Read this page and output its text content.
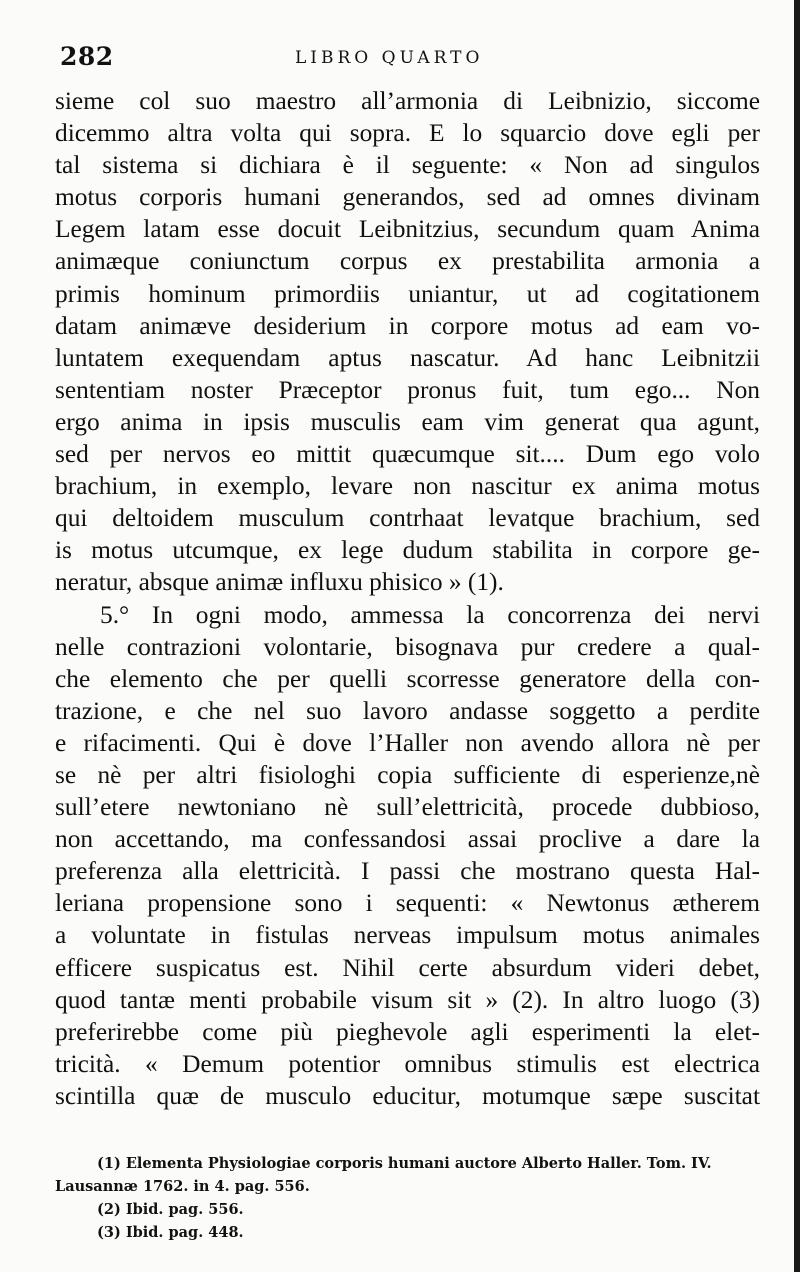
282	LIBRO QUARTO

sieme col suo maestro all’armonia di Leibnizio, siccome
dicemmo altra volta qui sopra. E lo squarcio dove egli per
tal sistema si dichiara è il seguente: « Non ad singulos
motus corporis humani generandos, sed ad omnes divinam
Legem latam esse docuit Leibnitzius, secundum quam Anima
animæque coniunctum corpus ex prestabilita armonia a
primis hominum primordiis uniantur, ut ad cogitationem
datam animæve desiderium in corpore motus ad eam vo-
luntatem exequendam aptus nascatur. Ad hanc Leibnitzii
sententiam noster Præceptor pronus fuit, tum ego... Non
ergo anima in ipsis musculis eam vim generat qua agunt,
sed per nervos eo mittit quæcumque sit.... Dum ego volo
brachium, in exemplo, levare non nascitur ex anima motus
qui deltoidem musculum contrhaat levatque brachium, sed
is motus utcumque, ex lege dudum stabilita in corpore ge-
neratur, absque animæ influxu phisico » (1).

5.° In ogni modo, ammessa la concorrenza dei nervi
nelle contrazioni volontarie, bisognava pur credere a qual-
che elemento che per quelli scorresse generatore della con-
trazione, e che nel suo lavoro andasse soggetto a perdite
e rifacimenti. Qui è dove l’Haller non avendo allora nè per
se nè per altri fisiologhi copia sufficiente di esperienze,nè
sull’etere newtoniano nè sull’elettricità, procede dubbioso,
non accettando, ma confessandosi assai proclive a dare la
preferenza alla elettricità. I passi che mostrano questa Hal-
leriana propensione sono i sequenti: « Newtonus ætherem
a voluntate in fistulas nerveas impulsum motus animales
efficere suspicatus est. Nihil certe absurdum videri debet,
quod tantæ menti probabile visum sit » (2). In altro luogo (3)
preferirebbe come più pieghevole agli esperimenti la elet-
tricità. « Demum potentior omnibus stimulis est electrica
scintilla quæ de musculo educitur, motumque sæpe suscitat

(1) Elementa Physiologiae corporis humani auctore Alberto Haller. Tom. IV.
Lausannæ 1762. in 4. pag. 556.
(2) Ibid. pag. 556.
(3) Ibid. pag. 448.
